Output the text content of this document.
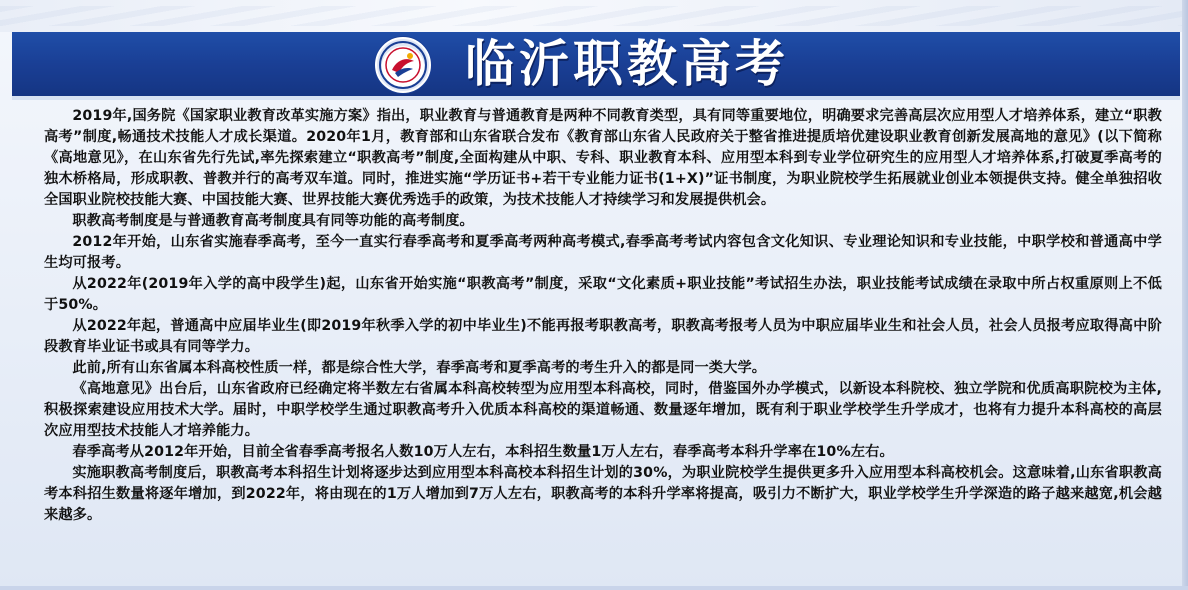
临沂职教高考

2019年,国务院《国家职业教育改革实施方案》指出，职业教育与普通教育是两种不同教育类型，具有同等重要地位，明确要求完善高层次应用型人才培养体系，建立“职教高考”制度,畅通技术技能人才成长渠道。2020年1月，教育部和山东省联合发布《教育部山东省人民政府关于整省推进提质培优建设职业教育创新发展高地的意见》(以下简称《高地意见》，在山东省先行先试,率先探索建立“职教高考”制度,全面构建从中职、专科、职业教育本科、应用型本科到专业学位研究生的应用型人才培养体系,打破夏季高考的独木桥格局，形成职教、普教并行的高考双车道。同时，推进实施“学历证书+若干专业能力证书(1+X)”证书制度，为职业院校学生拓展就业创业本领提供支持。健全单独招收全国职业院校技能大赛、中国技能大赛、世界技能大赛优秀选手的政策，为技术技能人才持续学习和发展提供机会。

职教高考制度是与普通教育高考制度具有同等功能的高考制度。

2012年开始，山东省实施春季高考，至今一直实行春季高考和夏季高考两种高考模式,春季高考考试内容包含文化知识、专业理论知识和专业技能，中职学校和普通高中学生均可报考。

从2022年(2019年入学的高中段学生)起，山东省开始实施“职教高考”制度，采取“文化素质+职业技能”考试招生办法，职业技能考试成绩在录取中所占权重原则上不低于50%。

从2022年起，普通高中应届毕业生(即2019年秋季入学的初中毕业生)不能再报考职教高考，职教高考报考人员为中职应届毕业生和社会人员，社会人员报考应取得高中阶段教育毕业证书或具有同等学力。

此前,所有山东省属本科高校性质一样，都是综合性大学，春季高考和夏季高考的考生升入的都是同一类大学。

《高地意见》出台后，山东省政府已经确定将半数左右省属本科高校转型为应用型本科高校，同时，借鉴国外办学模式，以新设本科院校、独立学院和优质高职院校为主体,积极探索建设应用技术大学。届时，中职学校学生通过职教高考升入优质本科高校的渠道畅通、数量逐年增加，既有利于职业学校学生升学成才，也将有力提升本科高校的高层次应用型技术技能人才培养能力。

春季高考从2012年开始，目前全省春季高考报名人数10万人左右，本科招生数量1万人左右，春季高考本科升学率在10%左右。

实施职教高考制度后，职教高考本科招生计划将逐步达到应用型本科高校本科招生计划的30%，为职业院校学生提供更多升入应用型本科高校机会。这意味着,山东省职教高考本科招生数量将逐年增加，到2022年，将由现在的1万人增加到7万人左右，职教高考的本科升学率将提高，吸引力不断扩大，职业学校学生升学深造的路子越来越宽,机会越来越多。
